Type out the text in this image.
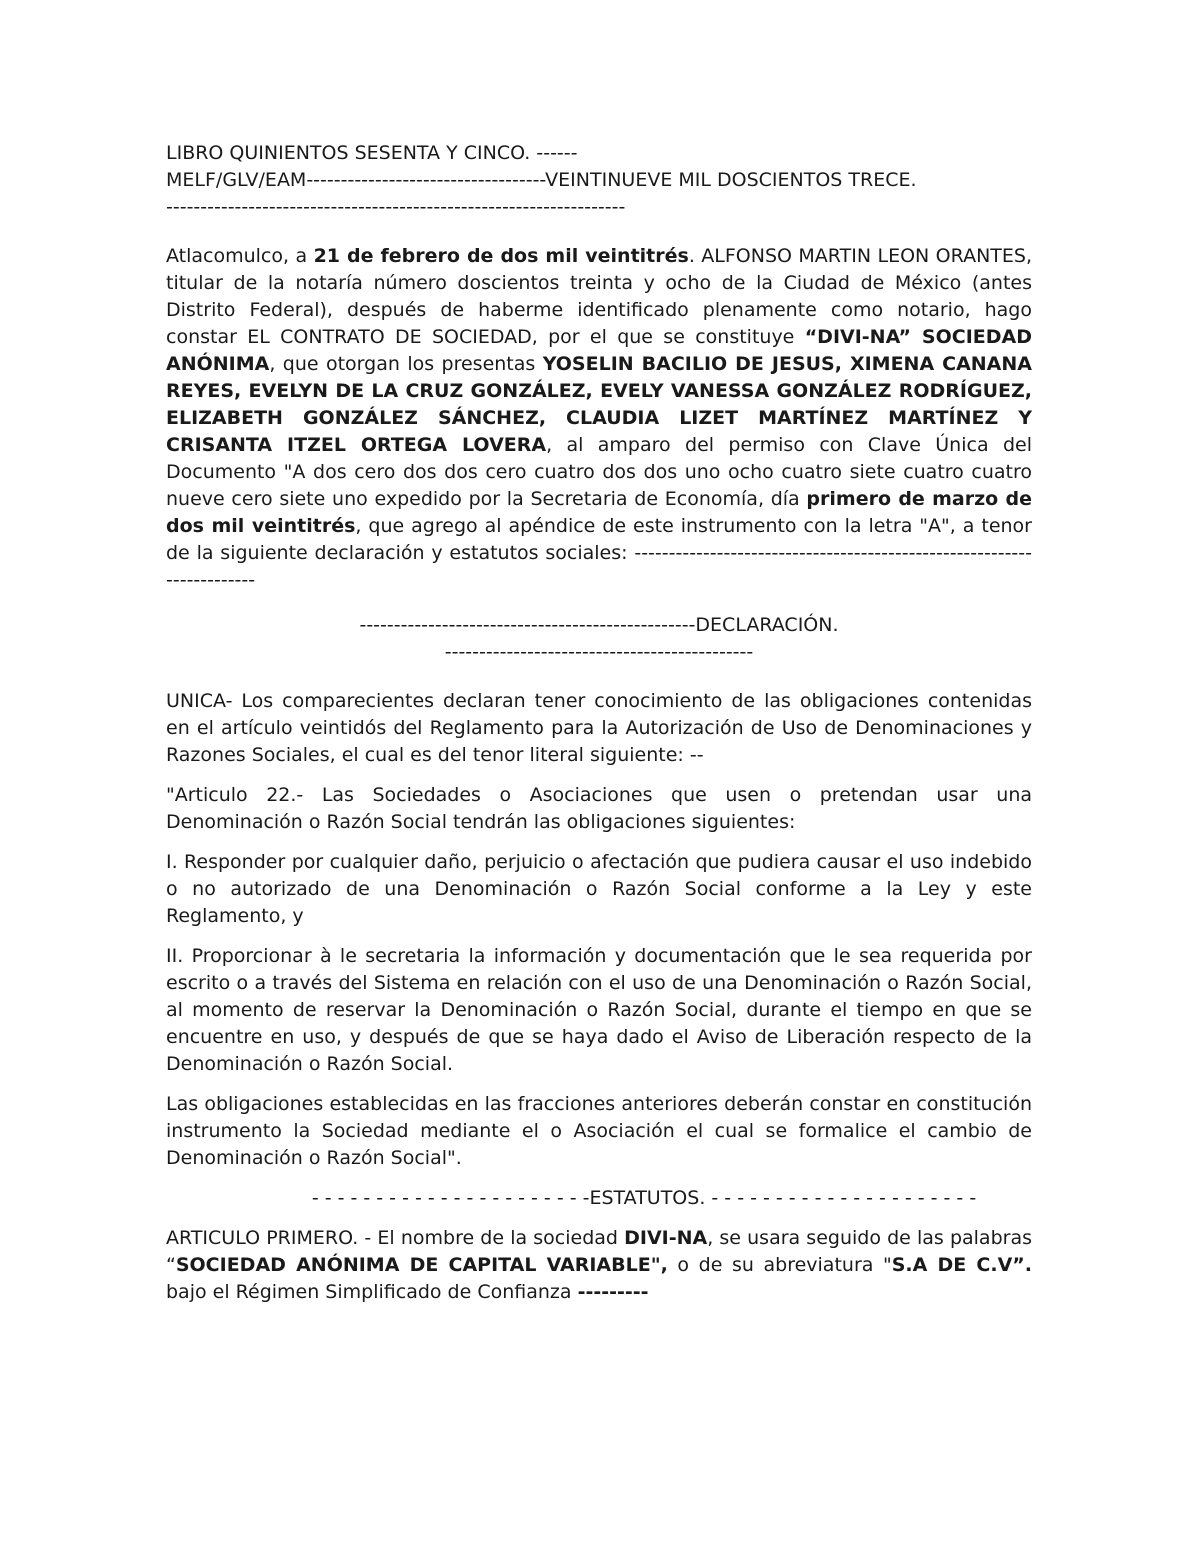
LIBRO QUINIENTOS SESENTA Y CINCO. ------

MELF/GLV/EAM-----------------------------------VEINTINUEVE MIL DOSCIENTOS TRECE.

-------------------------------------------------------------------

Atlacomulco, a 21 de febrero de dos mil veintitrés. ALFONSO MARTIN LEON ORANTES, titular de la notaría número doscientos treinta y ocho de la Ciudad de México (antes Distrito Federal), después de haberme identificado plenamente como notario, hago constar EL CONTRATO DE SOCIEDAD, por el que se constituye “DIVI-NA” SOCIEDAD ANÓNIMA, que otorgan los presentas YOSELIN BACILIO DE JESUS, XIMENA CANANA REYES, EVELYN DE LA CRUZ GONZÁLEZ, EVELY VANESSA GONZÁLEZ RODRÍGUEZ, ELIZABETH GONZÁLEZ SÁNCHEZ, CLAUDIA LIZET MARTÍNEZ MARTÍNEZ Y CRISANTA ITZEL ORTEGA LOVERA, al amparo del permiso con Clave Única del Documento "A dos cero dos dos cero cuatro dos dos uno ocho cuatro siete cuatro cuatro nueve cero siete uno expedido por la Secretaria de Economía, día primero de marzo de dos mil veintitrés, que agrego al apéndice de este instrumento con la letra "A", a tenor de la siguiente declaración y estatutos sociales: -----------------------------------------------------------------------

-------------------------------------------------DECLARACIÓN.

---------------------------------------------

UNICA- Los comparecientes declaran tener conocimiento de las obligaciones contenidas en el artículo veintidós del Reglamento para la Autorización de Uso de Denominaciones y Razones Sociales, el cual es del tenor literal siguiente: --

"Articulo 22.- Las Sociedades o Asociaciones que usen o pretendan usar una Denominación o Razón Social tendrán las obligaciones siguientes:

I. Responder por cualquier daño, perjuicio o afectación que pudiera causar el uso indebido o no autorizado de una Denominación o Razón Social conforme a la Ley y este Reglamento, y

II. Proporcionar à le secretaria la información y documentación que le sea requerida por escrito o a través del Sistema en relación con el uso de una Denominación o Razón Social, al momento de reservar la Denominación o Razón Social, durante el tiempo en que se encuentre en uso, y después de que se haya dado el Aviso de Liberación respecto de la Denominación o Razón Social.

Las obligaciones establecidas en las fracciones anteriores deberán constar en constitución instrumento la Sociedad mediante el o Asociación el cual se formalice el cambio de Denominación o Razón Social".

- - - - - - - - - - - - - - - - - - - - - -ESTATUTOS. - - - - - - - - - - - - - - - - - - - - -

ARTICULO PRIMERO. - El nombre de la sociedad DIVI-NA, se usara seguido de las palabras “SOCIEDAD ANÓNIMA DE CAPITAL VARIABLE", o de su abreviatura "S.A DE C.V”. bajo el Régimen Simplificado de Confianza ---------
